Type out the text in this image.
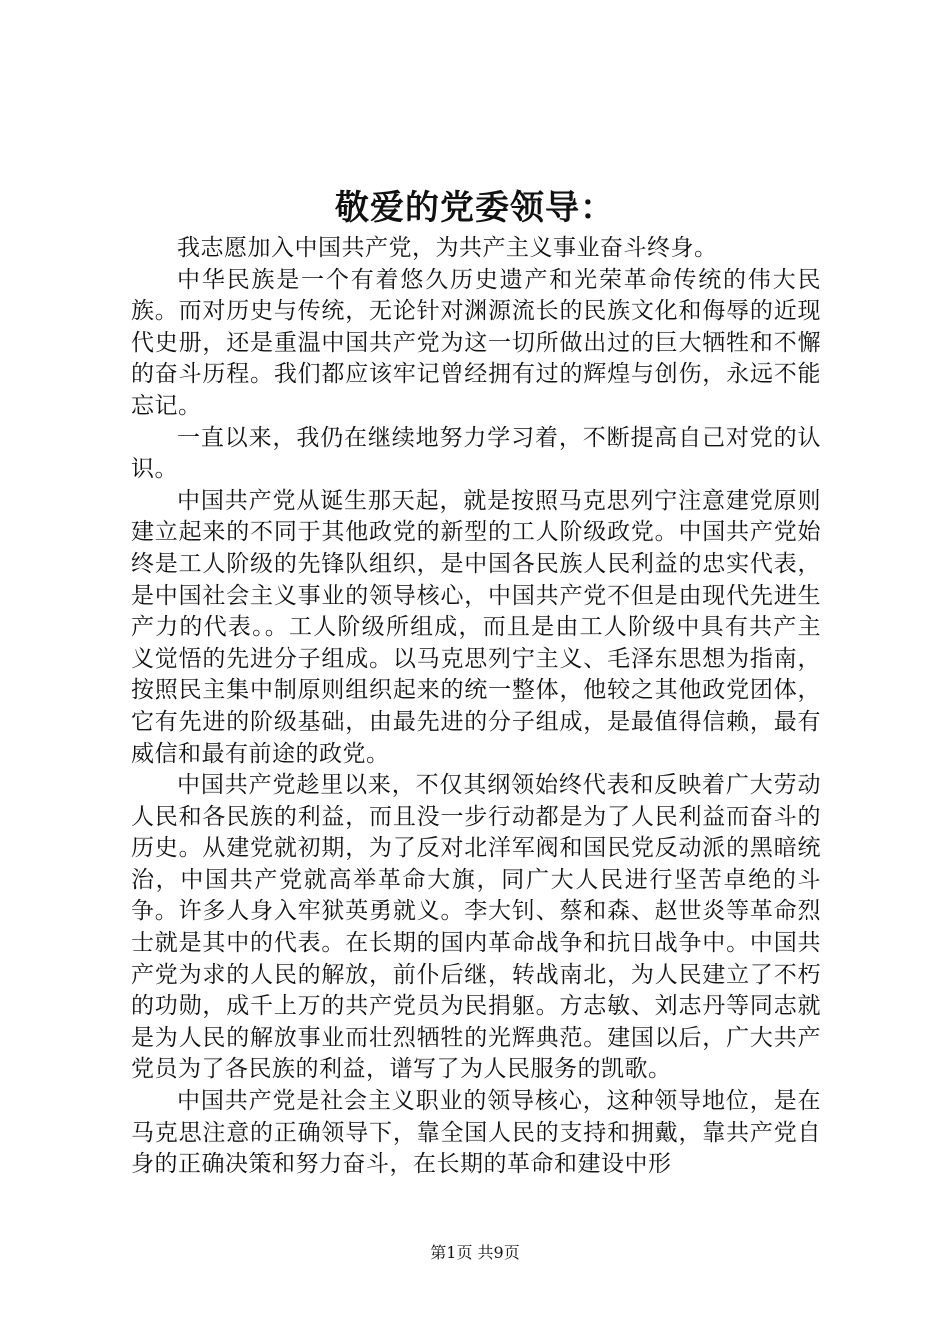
敬爱的党委领导：

我志愿加入中国共产党，为共产主义事业奋斗终身。

中华民族是一个有着悠久历史遗产和光荣革命传统的伟大民族。而对历史与传统，无论针对渊源流长的民族文化和侮辱的近现代史册，还是重温中国共产党为这一切所做出过的巨大牺牲和不懈的奋斗历程。我们都应该牢记曾经拥有过的辉煌与创伤，永远不能忘记。

一直以来，我仍在继续地努力学习着，不断提高自己对党的认识。

中国共产党从诞生那天起，就是按照马克思列宁注意建党原则建立起来的不同于其他政党的新型的工人阶级政党。中国共产党始终是工人阶级的先锋队组织，是中国各民族人民利益的忠实代表，是中国社会主义事业的领导核心，中国共产党不但是由现代先进生产力的代表。。工人阶级所组成，而且是由工人阶级中具有共产主义觉悟的先进分子组成。以马克思列宁主义、毛泽东思想为指南，按照民主集中制原则组织起来的统一整体，他较之其他政党团体，它有先进的阶级基础，由最先进的分子组成，是最值得信赖，最有威信和最有前途的政党。

中国共产党趁里以来，不仅其纲领始终代表和反映着广大劳动人民和各民族的利益，而且没一步行动都是为了人民利益而奋斗的历史。从建党就初期，为了反对北洋军阀和国民党反动派的黑暗统治，中国共产党就高举革命大旗，同广大人民进行坚苦卓绝的斗争。许多人身入牢狱英勇就义。李大钊、蔡和森、赵世炎等革命烈士就是其中的代表。在长期的国内革命战争和抗日战争中。中国共产党为求的人民的解放，前仆后继，转战南北，为人民建立了不朽的功勋，成千上万的共产党员为民捐躯。方志敏、刘志丹等同志就是为人民的解放事业而壮烈牺牲的光辉典范。建国以后，广大共产党员为了各民族的利益，谱写了为人民服务的凯歌。

中国共产党是社会主义职业的领导核心，这种领导地位，是在马克思注意的正确领导下，靠全国人民的支持和拥戴，靠共产党自身的正确决策和努力奋斗，在长期的革命和建设中形

第1页 共9页
